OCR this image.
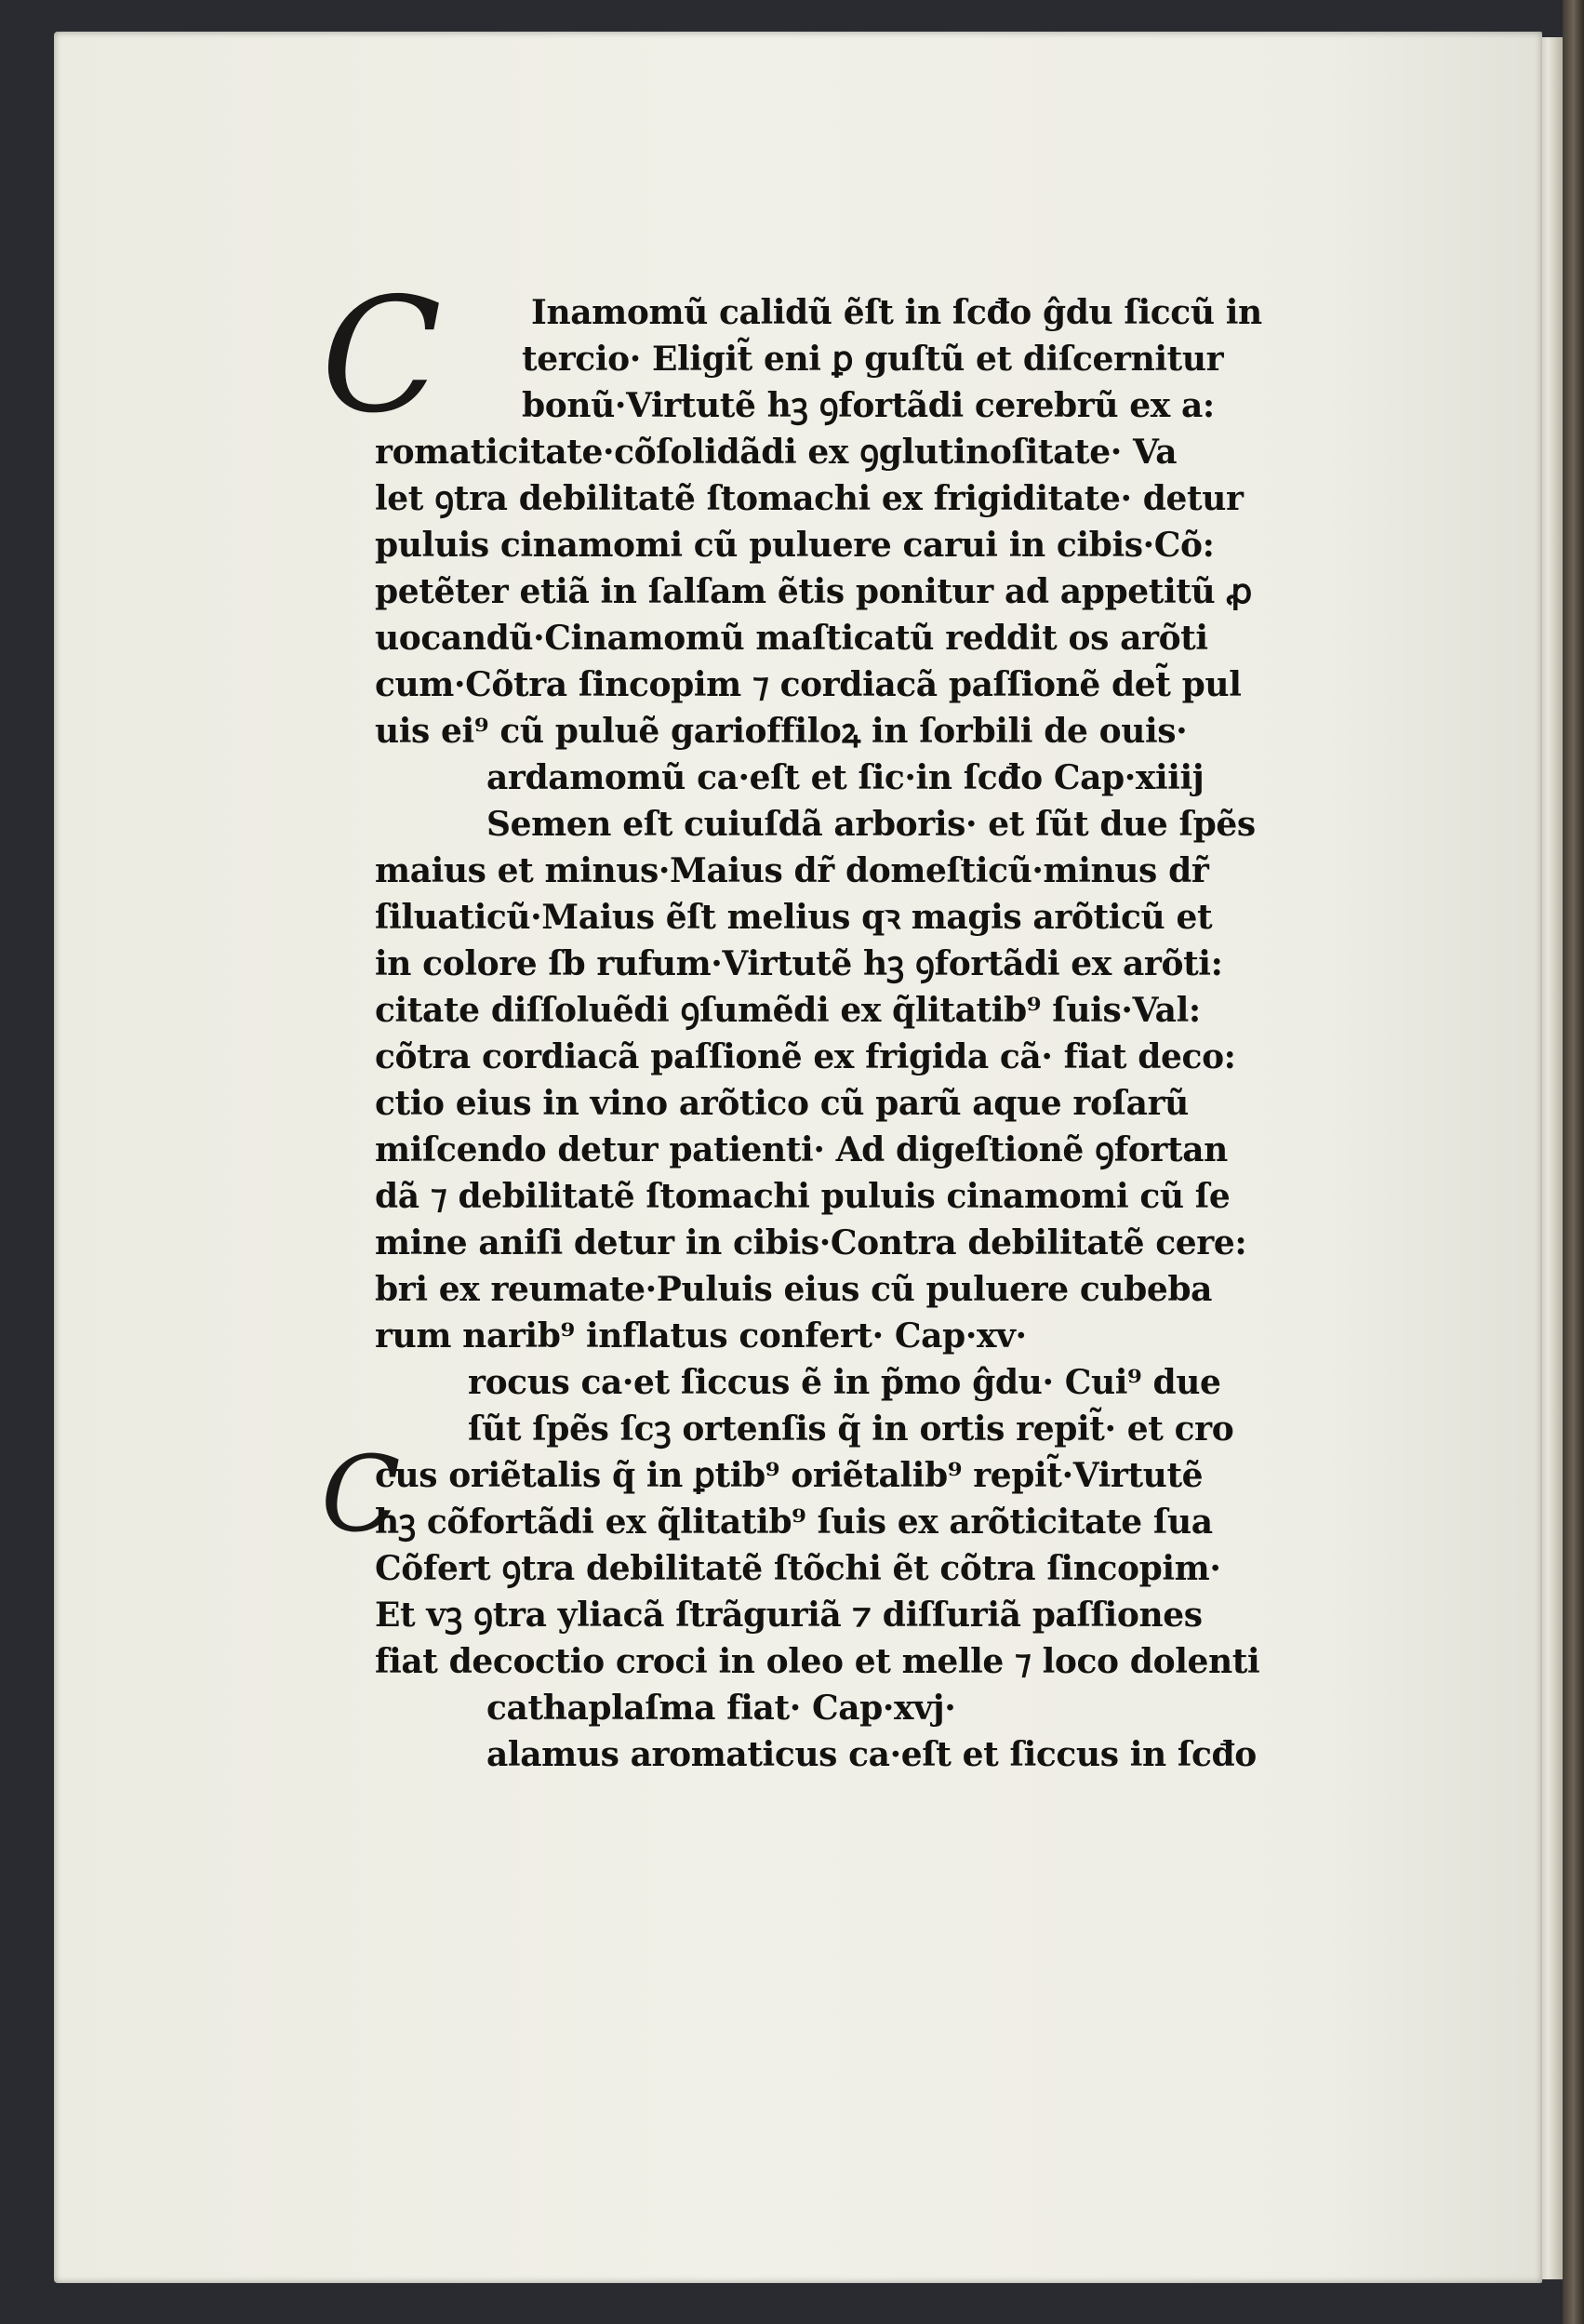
C
C
Inamomũ calidũ ẽſt in ſcđo ĝdu ſiccũ in
tercio· Eligit̃ eni ꝑ guſtũ et diſcernitur
bonũ·Virtutẽ hꝫ ꝯfortãdi cerebrũ ex a:
romaticitate·cõſolidãdi ex ꝯglutinoſitate· Va
let ꝯtra debilitatẽ ſtomachi ex frigiditate· detur
puluis cinamomi cũ puluere carui in cibis·Cõ:
petẽter etiã in ſalſam ẽtis ponitur ad appetitũ ꝓ
uocandũ·Cinamomũ maſticatũ reddit os arõti
cum·Cõtra ſincopim ⁊ cordiacã paſſionẽ det̃ pul
uis ei⁹ cũ puluẽ garioffiloꝝ in ſorbili de ouis·
ardamomũ ca·eſt et ſic·in ſcđo Cap·xiiij
Semen eſt cuiuſdã arboris· et ſũt due ſpẽs
maius et minus·Maius dr̃ domeſticũ·minus dr̃
ſiluaticũ·Maius ẽſt melius qꝛ magis arõticũ et
in colore ſb rufum·Virtutẽ hꝫ ꝯfortãdi ex arõti:
citate diſſoluẽdi ꝯſumẽdi ex q̃litatib⁹ ſuis·Val:
cõtra cordiacã paſſionẽ ex frigida cã· fiat deco:
ctio eius in vino arõtico cũ parũ aque roſarũ
miſcendo detur patienti· Ad digeſtionẽ ꝯfortan
dã ⁊ debilitatẽ ſtomachi puluis cinamomi cũ ſe
mine aniſi detur in cibis·Contra debilitatẽ cere:
bri ex reumate·Puluis eius cũ puluere cubeba
rum narib⁹ inflatus confert· Cap·xv·
rocus ca·et ſiccus ẽ in p̃mo ĝdu· Cui⁹ due
ſũt ſpẽs ſcꝫ ortenſis q̃ in ortis repit̃· et cro
cus oriẽtalis q̃ in ꝑtib⁹ oriẽtalib⁹ repit̃·Virtutẽ
hꝫ cõfortãdi ex q̃litatib⁹ ſuis ex arõticitate ſua
Cõfert ꝯtra debilitatẽ ſtõchi ẽt cõtra ſincopim·
Et vꝫ ꝯtra yliacã ſtrãguriã ⁊ diſſuriã paſſiones
fiat decoctio croci in oleo et melle ⁊ loco dolenti
cathaplaſma fiat· Cap·xvj·
alamus aromaticus ca·eſt et ſiccus in ſcđo
